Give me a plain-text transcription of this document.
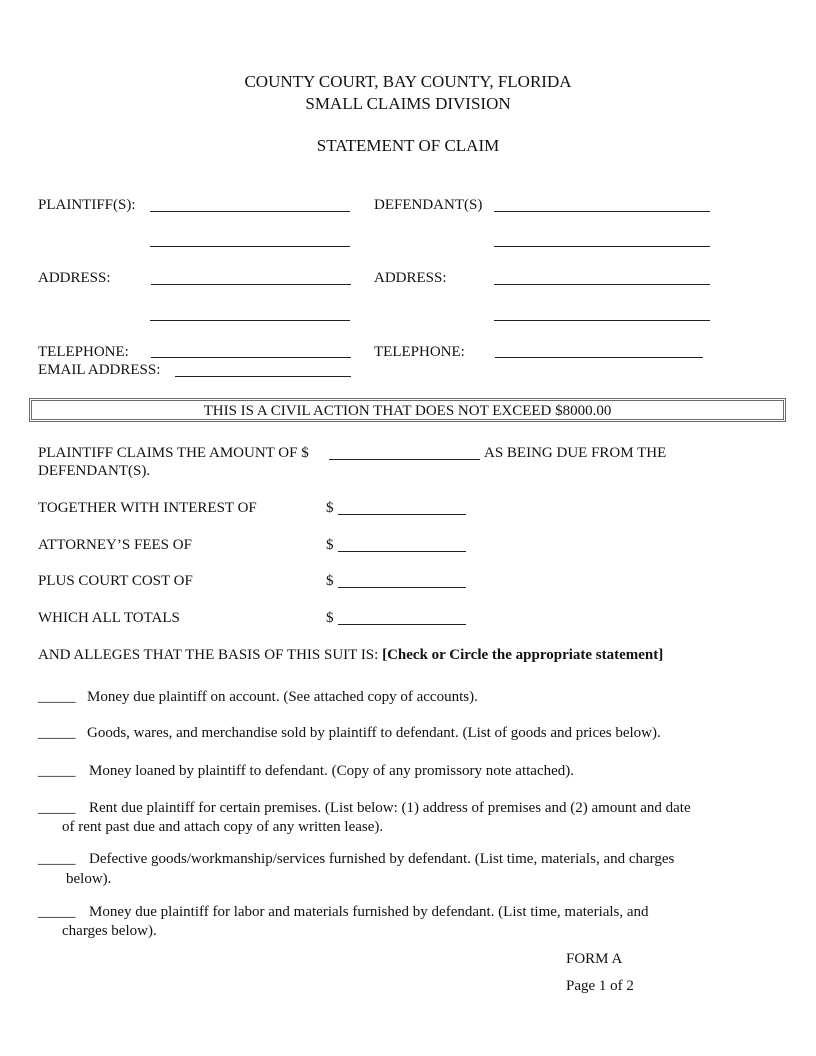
COUNTY COURT, BAY COUNTY, FLORIDA
SMALL CLAIMS DIVISION
STATEMENT OF CLAIM
PLAINTIFF(S):	DEFENDANT(S)
ADDRESS:	ADDRESS:
TELEPHONE:	TELEPHONE:
EMAIL ADDRESS:
THIS IS A CIVIL ACTION THAT DOES NOT EXCEED $8000.00
PLAINTIFF CLAIMS THE AMOUNT OF $	AS BEING DUE FROM THE
DEFENDANT(S).
TOGETHER WITH INTEREST OF	$
ATTORNEY’S FEES OF	$
PLUS COURT COST OF	$
WHICH ALL TOTALS	$
AND ALLEGES THAT THE BASIS OF THIS SUIT IS: [Check or Circle the appropriate statement]
_____ Money due plaintiff on account. (See attached copy of accounts).
_____ Goods, wares, and merchandise sold by plaintiff to defendant. (List of goods and prices below).
_____ Money loaned by plaintiff to defendant. (Copy of any promissory note attached).
_____ Rent due plaintiff for certain premises. (List below: (1) address of premises and (2) amount and date
of rent past due and attach copy of any written lease).
_____ Defective goods/workmanship/services furnished by defendant. (List time, materials, and charges
below).
_____ Money due plaintiff for labor and materials furnished by defendant. (List time, materials, and
charges below).
FORM A
Page 1 of 2
